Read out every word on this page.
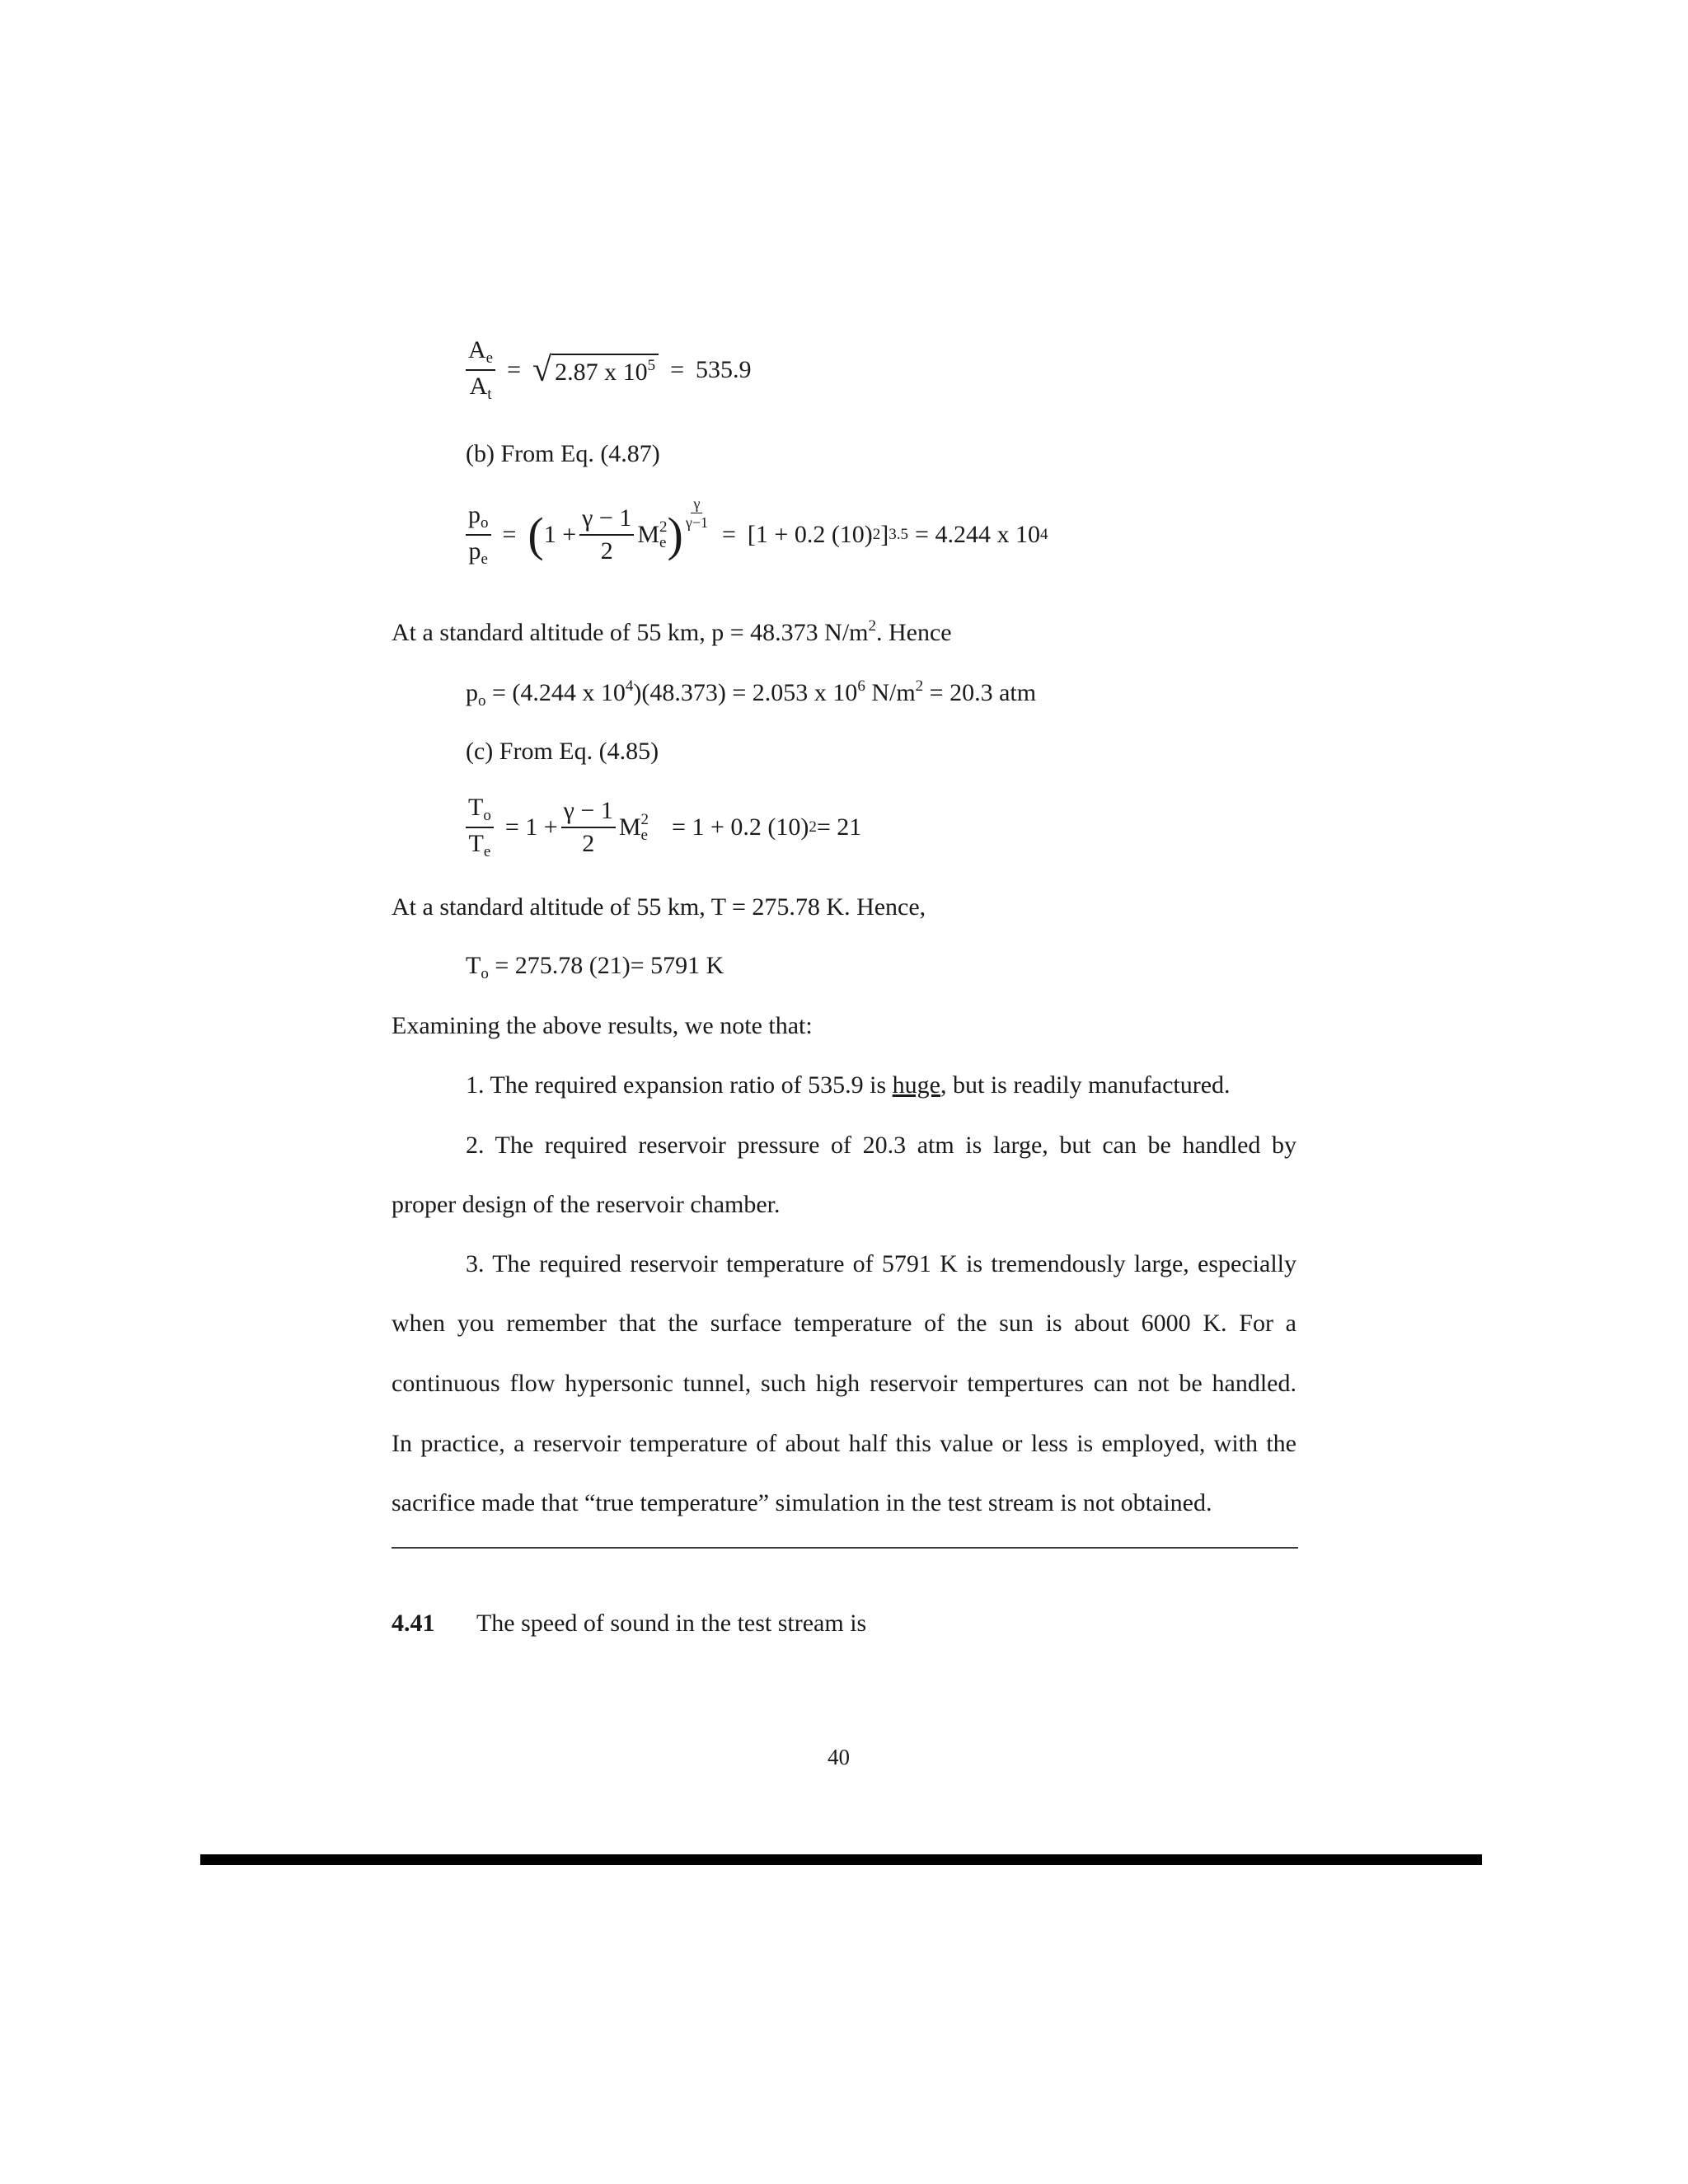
$\frac{A_e}{A_t}$ = √ 2.87 x $10^5 = 535.9$
(b) From Eq. (4.87)
$\frac{p_o}{p_e}$ = ( $1 + \frac{\gamma - 1}{2}$ M 2
e ) $\frac{\gamma}{\gamma-1}$
= [1 + 0.2 (10) 2 ] 3.5 = 4.244 x 10 4
At a standard altitude of 55 km, p = 48.373 $N/m^2$. Hence
$p_o = (4.244$ x $10^4)(48.373) = 2.053$ x $10^6$ $N/m^2 = 20.3$ atm
(c) From Eq. (4.85)
$\frac{T_o}{T_e} = 1 + \frac{\gamma - 1}{2}$ M 2
e = 1 + 0.2 (10) 2 = 21
At a standard altitude of 55 km, T = 275.78 K. Hence,
$T_o = 275.78$ (21)= 5791 K
Examining the above results, we note that:
1. The required expansion ratio of 535.9 is huge, but is readily manufactured.
2. The required reservoir pressure of 20.3 atm is large, but can be handled by
proper design of the reservoir chamber.
3. The required reservoir temperature of 5791 K is tremendously large, especially
when you remember that the surface temperature of the sun is about 6000 K. For a
continuous flow hypersonic tunnel, such high reservoir tempertures can not be handled.
In practice, a reservoir temperature of about half this value or less is employed, with the
sacrifice made that “true temperature” simulation in the test stream is not obtained.
4.41 The speed of sound in the test stream is
40
